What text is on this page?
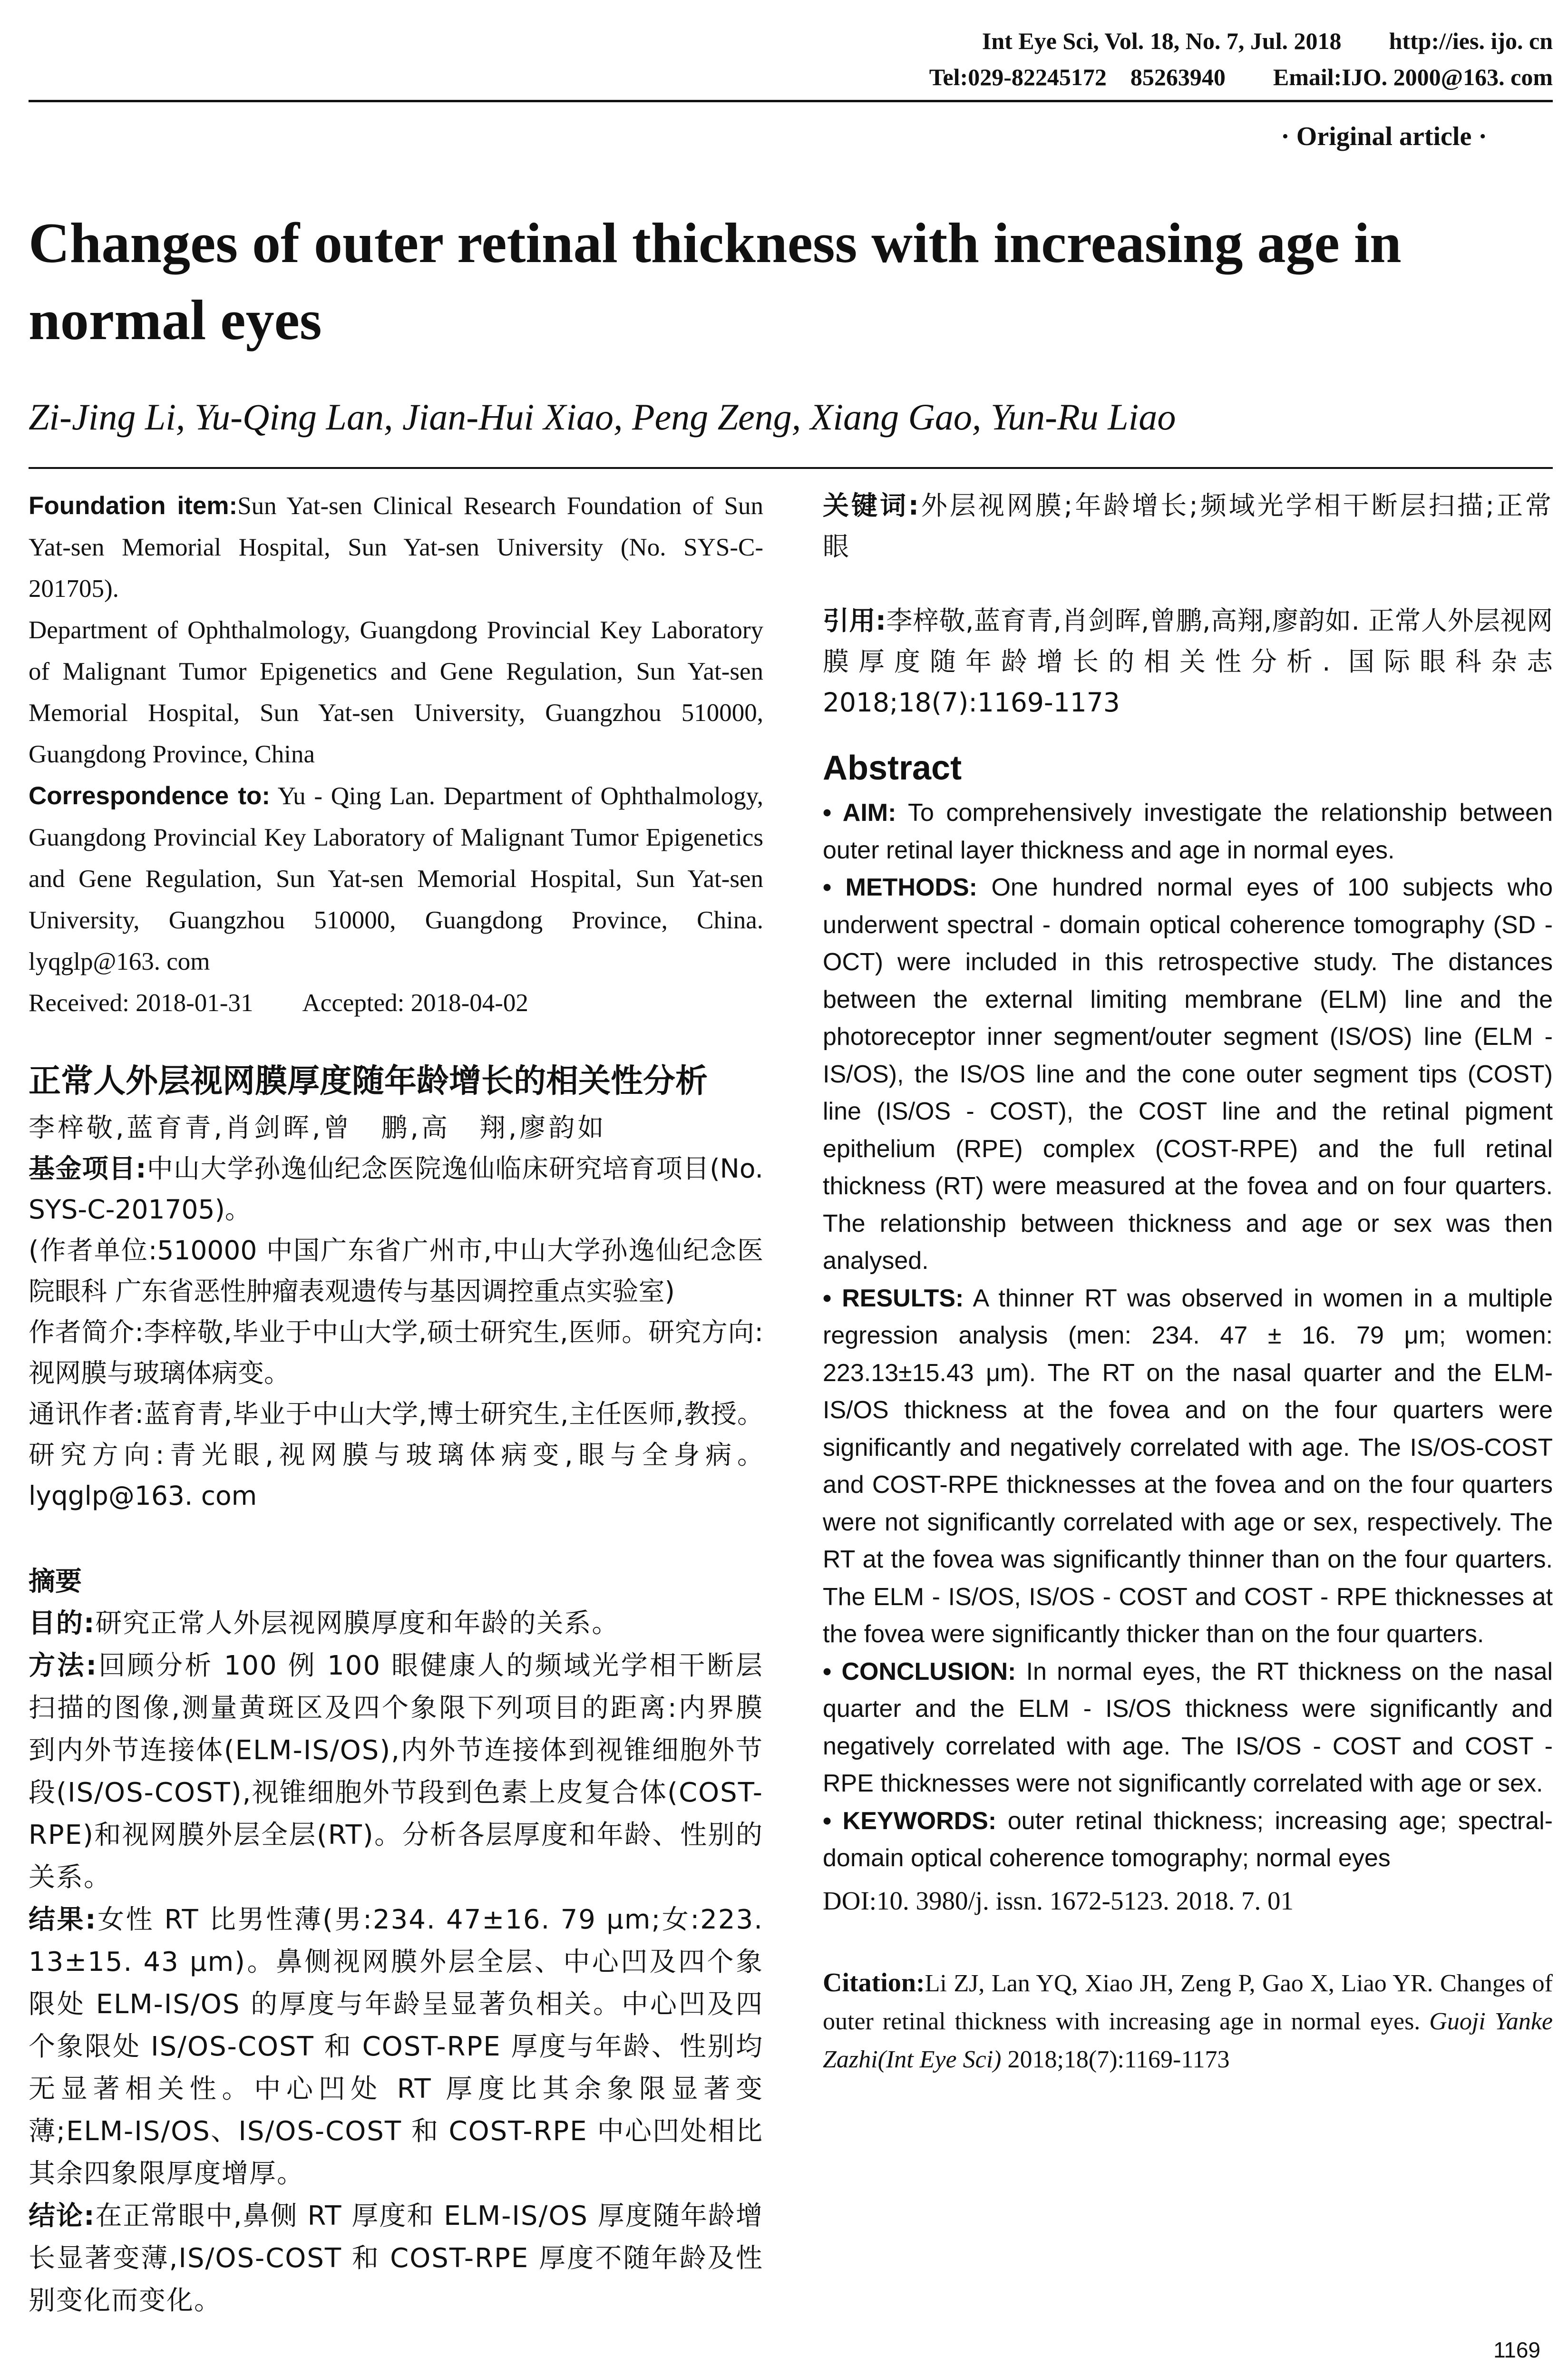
Int Eye Sci, Vol. 18, No. 7, Jul. 2018 http://ies. ijo. cn
Tel:029-82245172    85263940 Email:IJO. 2000@163. com
· Original article ·
Changes of outer retinal thickness with increasing age in normal eyes
Zi-Jing Li, Yu-Qing Lan, Jian-Hui Xiao, Peng Zeng, Xiang Gao, Yun-Ru Liao

Foundation item:Sun Yat-sen Clinical Research Foundation of Sun Yat-sen Memorial Hospital, Sun Yat-sen University (No. SYS-C-201705).

Department of Ophthalmology, Guangdong Provincial Key Laboratory of Malignant Tumor Epigenetics and Gene Regulation, Sun Yat-sen Memorial Hospital, Sun Yat-sen University, Guangzhou 510000, Guangdong Province, China

Correspondence to: Yu - Qing Lan. Department of Ophthalmology, Guangdong Provincial Key Laboratory of Malignant Tumor Epigenetics and Gene Regulation, Sun Yat-sen Memorial Hospital, Sun Yat-sen University, Guangzhou 510000, Guangdong Province, China. lyqglp@163. com

Received: 2018-01-31 Accepted: 2018-04-02

正常人外层视网膜厚度随年龄增长的相关性分析

李梓敬,蓝育青,肖剑晖,曾　鹏,高　翔,廖韵如

基金项目:中山大学孙逸仙纪念医院逸仙临床研究培育项目(No. SYS-C-201705)。

(作者单位:510000 中国广东省广州市,中山大学孙逸仙纪念医院眼科 广东省恶性肿瘤表观遗传与基因调控重点实验室)

作者简介:李梓敬,毕业于中山大学,硕士研究生,医师。研究方向:视网膜与玻璃体病变。

通讯作者:蓝育青,毕业于中山大学,博士研究生,主任医师,教授。研究方向:青光眼,视网膜与玻璃体病变,眼与全身病。lyqglp@163. com

摘要

目的:研究正常人外层视网膜厚度和年龄的关系。

方法:回顾分析 100 例 100 眼健康人的频域光学相干断层扫描的图像,测量黄斑区及四个象限下列项目的距离:内界膜到内外节连接体(ELM-IS/OS),内外节连接体到视锥细胞外节段(IS/OS-COST),视锥细胞外节段到色素上皮复合体(COST-RPE)和视网膜外层全层(RT)。分析各层厚度和年龄、性别的关系。

结果:女性 RT 比男性薄(男:234. 47±16. 79 μm;女:223. 13±15. 43 μm)。鼻侧视网膜外层全层、中心凹及四个象限处 ELM-IS/OS 的厚度与年龄呈显著负相关。中心凹及四个象限处 IS/OS-COST 和 COST-RPE 厚度与年龄、性别均无显著相关性。中心凹处 RT 厚度比其余象限显著变薄;ELM-IS/OS、IS/OS-COST 和 COST-RPE 中心凹处相比其余四象限厚度增厚。

结论:在正常眼中,鼻侧 RT 厚度和 ELM-IS/OS 厚度随年龄增长显著变薄,IS/OS-COST 和 COST-RPE 厚度不随年龄及性别变化而变化。

关键词:外层视网膜;年龄增长;频域光学相干断层扫描;正常眼

引用:李梓敬,蓝育青,肖剑晖,曾鹏,高翔,廖韵如. 正常人外层视网膜厚度随年龄增长的相关性分析. 国际眼科杂志 2018;18(7):1169-1173

Abstract

• AIM: To comprehensively investigate the relationship between outer retinal layer thickness and age in normal eyes.

• METHODS: One hundred normal eyes of 100 subjects who underwent spectral - domain optical coherence tomography (SD - OCT) were included in this retrospective study. The distances between the external limiting membrane (ELM) line and the photoreceptor inner segment/outer segment (IS/OS) line (ELM - IS/OS), the IS/OS line and the cone outer segment tips (COST) line (IS/OS - COST), the COST line and the retinal pigment epithelium (RPE) complex (COST-RPE) and the full retinal thickness (RT) were measured at the fovea and on four quarters. The relationship between thickness and age or sex was then analysed.

• RESULTS: A thinner RT was observed in women in a multiple regression analysis (men: 234. 47 ± 16. 79 μm; women: 223.13±15.43 μm). The RT on the nasal quarter and the ELM-IS/OS thickness at the fovea and on the four quarters were significantly and negatively correlated with age. The IS/OS-COST and COST-RPE thicknesses at the fovea and on the four quarters were not significantly correlated with age or sex, respectively. The RT at the fovea was significantly thinner than on the four quarters. The ELM - IS/OS, IS/OS - COST and COST - RPE thicknesses at the fovea were significantly thicker than on the four quarters.

• CONCLUSION: In normal eyes, the RT thickness on the nasal quarter and the ELM - IS/OS thickness were significantly and negatively correlated with age. The IS/OS - COST and COST - RPE thicknesses were not significantly correlated with age or sex.

• KEYWORDS: outer retinal thickness; increasing age; spectral- domain optical coherence tomography; normal eyes

DOI:10. 3980/j. issn. 1672-5123. 2018. 7. 01

Citation:Li ZJ, Lan YQ, Xiao JH, Zeng P, Gao X, Liao YR. Changes of outer retinal thickness with increasing age in normal eyes. Guoji Yanke Zazhi(Int Eye Sci) 2018;18(7):1169-1173

1169
